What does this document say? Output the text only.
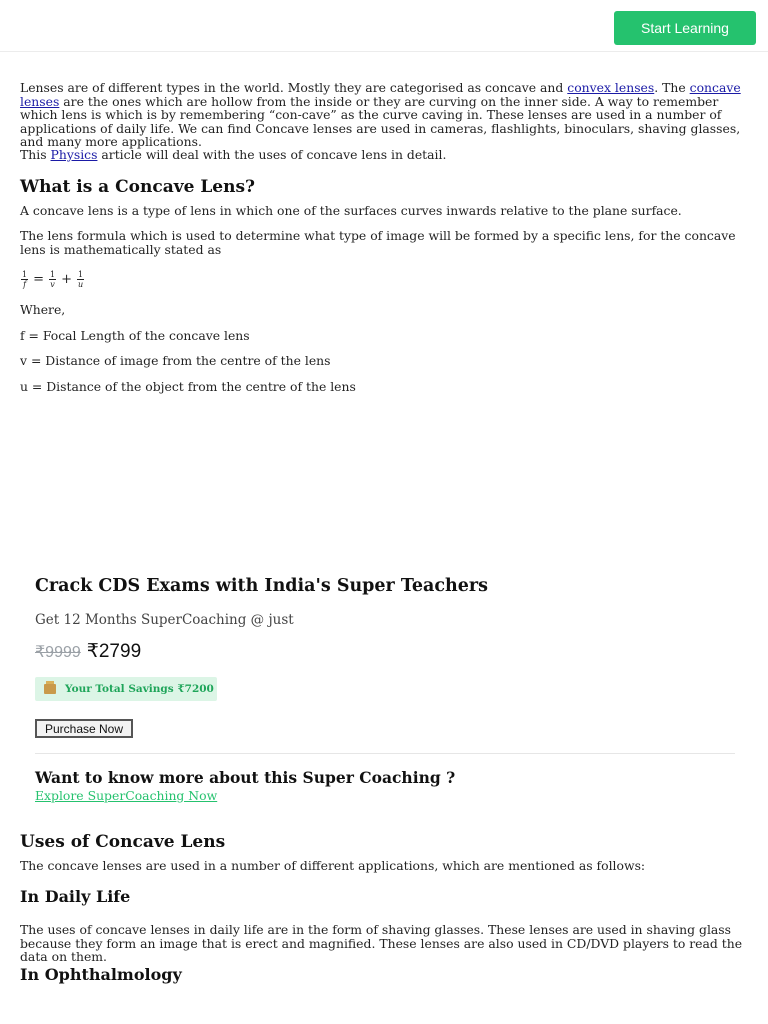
Start Learning

Lenses are of different types in the world. Mostly they are categorised as concave and convex lenses. The concave lenses are the ones which are hollow from the inside or they are curving on the inner side. A way to remember which lens is which is by remembering “con-cave” as the curve caving in. These lenses are used in a number of applications of daily life. We can find Concave lenses are used in cameras, flashlights, binoculars, shaving glasses, and many more applications.

This Physics article will deal with the uses of concave lens in detail.

What is a Concave Lens?

A concave lens is a type of lens in which one of the surfaces curves inwards relative to the plane surface.

The lens formula which is used to determine what type of image will be formed by a specific lens, for the concave lens is mathematically stated as

$\frac{1}{f} = \frac{1}{v} + \frac{1}{u}$

Where,

f = Focal Length of the concave lens

v = Distance of image from the centre of the lens

u = Distance of the object from the centre of the lens

Crack CDS Exams with India's Super Teachers
Get 12 Months SuperCoaching @ just
₹9999 ₹2799
Your Total Savings ₹7200
Purchase Now
Want to know more about this Super Coaching ?
Explore SuperCoaching Now
Uses of Concave Lens

The concave lenses are used in a number of different applications, which are mentioned as follows:

In Daily Life

The uses of concave lenses in daily life are in the form of shaving glasses. These lenses are used in shaving glass because they form an image that is erect and magnified. These lenses are also used in CD/DVD players to read the data on them.

In Ophthalmology
